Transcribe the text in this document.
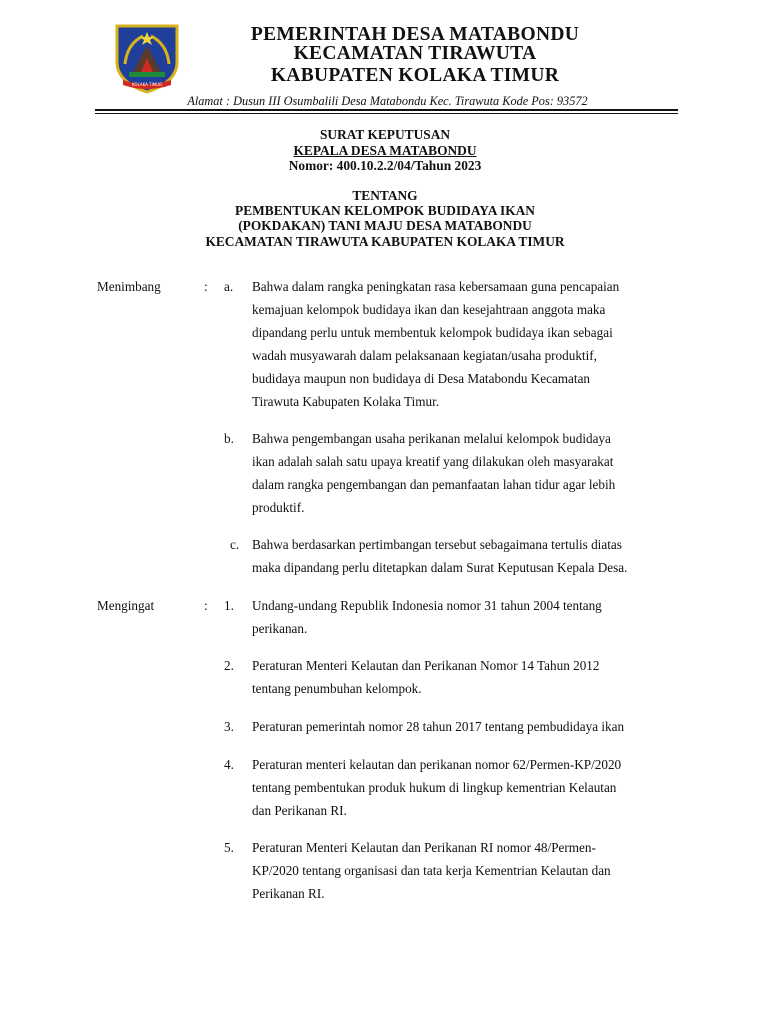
KOLAKA TIMUR
PEMERINTAH DESA MATABONDU
KECAMATAN TIRAWUTA
KABUPATEN KOLAKA TIMUR
Alamat : Dusun III Osumbalili Desa Matabondu Kec. Tirawuta Kode Pos: 93572
SURAT KEPUTUSAN
KEPALA DESA MATABONDU
Nomor: 400.10.2.2/04/Tahun 2023
TENTANG
PEMBENTUKAN KELOMPOK BUDIDAYA IKAN
(POKDAKAN) TANI MAJU DESA MATABONDU
KECAMATAN TIRAWUTA KABUPATEN KOLAKA TIMUR
Menimbang	: a. Bahwa dalam rangka peningkatan rasa kebersamaan guna pencapaian
kemajuan kelompok budidaya ikan dan kesejahtraan anggota maka
dipandang perlu untuk membentuk kelompok budidaya ikan sebagai
wadah musyawarah dalam pelaksanaan kegiatan/usaha produktif,
budidaya maupun non budidaya di Desa Matabondu Kecamatan
Tirawuta Kabupaten Kolaka Timur.
b. Bahwa pengembangan usaha perikanan melalui kelompok budidaya
ikan adalah salah satu upaya kreatif yang dilakukan oleh masyarakat
dalam rangka pengembangan dan pemanfaatan lahan tidur agar lebih
produktif.
c. Bahwa berdasarkan pertimbangan tersebut sebagaimana tertulis diatas
maka dipandang perlu ditetapkan dalam Surat Keputusan Kepala Desa.
Mengingat	: 1. Undang-undang Republik Indonesia nomor 31 tahun 2004 tentang
perikanan.
2. Peraturan Menteri Kelautan dan Perikanan Nomor 14 Tahun 2012
tentang penumbuhan kelompok.
3. Peraturan pemerintah nomor 28 tahun 2017 tentang pembudidaya ikan
4. Peraturan menteri kelautan dan perikanan nomor 62/Permen-KP/2020
tentang pembentukan produk hukum di lingkup kementrian Kelautan
dan Perikanan RI.
5. Peraturan Menteri Kelautan dan Perikanan RI nomor 48/Permen-
KP/2020 tentang organisasi dan tata kerja Kementrian Kelautan dan
Perikanan RI.
